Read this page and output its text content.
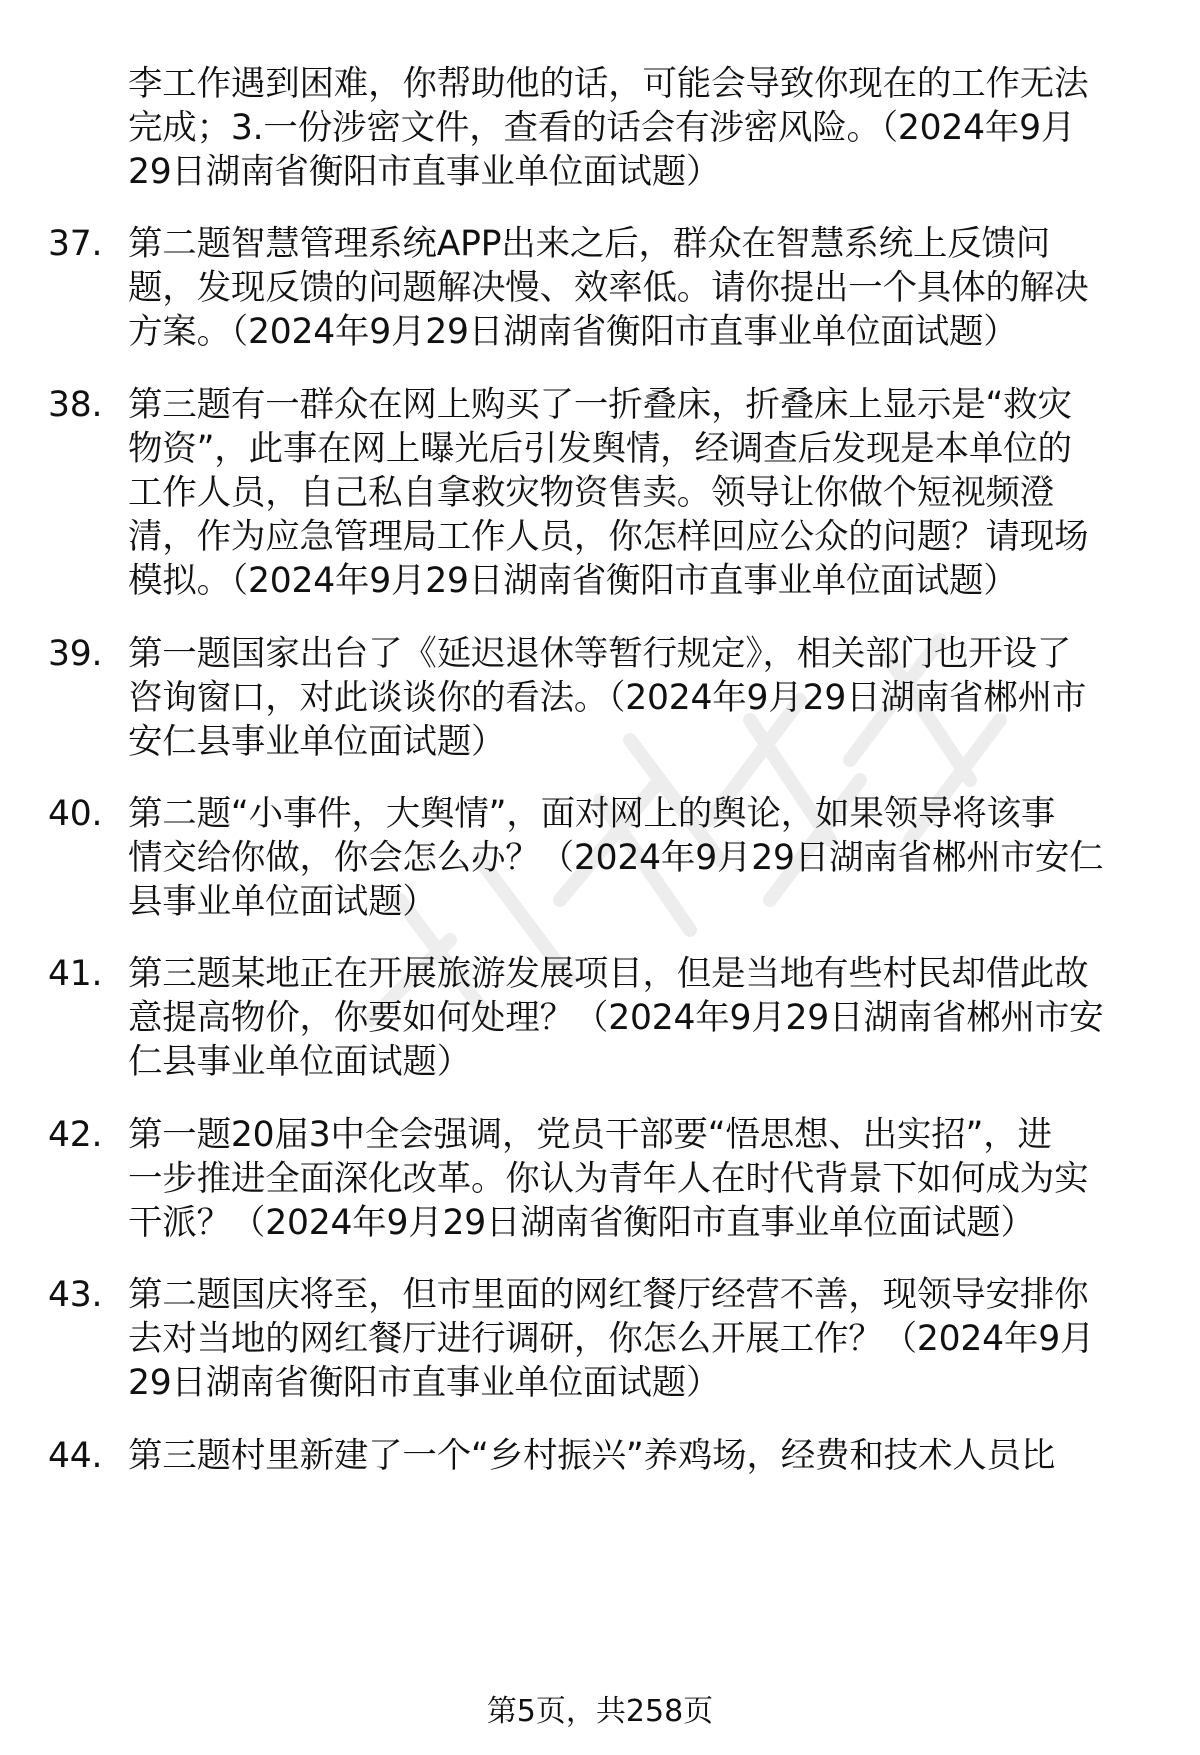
李工作遇到困难，你帮助他的话，可能会导致你现在的工作无法
完成；3.一份涉密文件，查看的话会有涉密风险。（2024年9月
29日湖南省衡阳市直事业单位面试题）
37. 第二题智慧管理系统APP出来之后，群众在智慧系统上反馈问
题，发现反馈的问题解决慢、效率低。请你提出一个具体的解决
方案。（2024年9月29日湖南省衡阳市直事业单位面试题）
38. 第三题有一群众在网上购买了一折叠床，折叠床上显示是“救灾
物资”，此事在网上曝光后引发舆情，经调查后发现是本单位的
工作人员，自己私自拿救灾物资售卖。领导让你做个短视频澄
清，作为应急管理局工作人员，你怎样回应公众的问题？请现场
模拟。（2024年9月29日湖南省衡阳市直事业单位面试题）
39. 第一题国家出台了《延迟退休等暂行规定》，相关部门也开设了
咨询窗口，对此谈谈你的看法。（2024年9月29日湖南省郴州市
安仁县事业单位面试题）
40. 第二题“小事件，大舆情”，面对网上的舆论，如果领导将该事
情交给你做，你会怎么办？（2024年9月29日湖南省郴州市安仁
县事业单位面试题）
41. 第三题某地正在开展旅游发展项目，但是当地有些村民却借此故
意提高物价，你要如何处理？（2024年9月29日湖南省郴州市安
仁县事业单位面试题）
42. 第一题20届3中全会强调，党员干部要“悟思想、出实招”，进
一步推进全面深化改革。你认为青年人在时代背景下如何成为实
干派？（2024年9月29日湖南省衡阳市直事业单位面试题）
43. 第二题国庆将至，但市里面的网红餐厅经营不善，现领导安排你
去对当地的网红餐厅进行调研，你怎么开展工作？（2024年9月
29日湖南省衡阳市直事业单位面试题）
44. 第三题村里新建了一个“乡村振兴”养鸡场，经费和技术人员比
第5页，共258页
